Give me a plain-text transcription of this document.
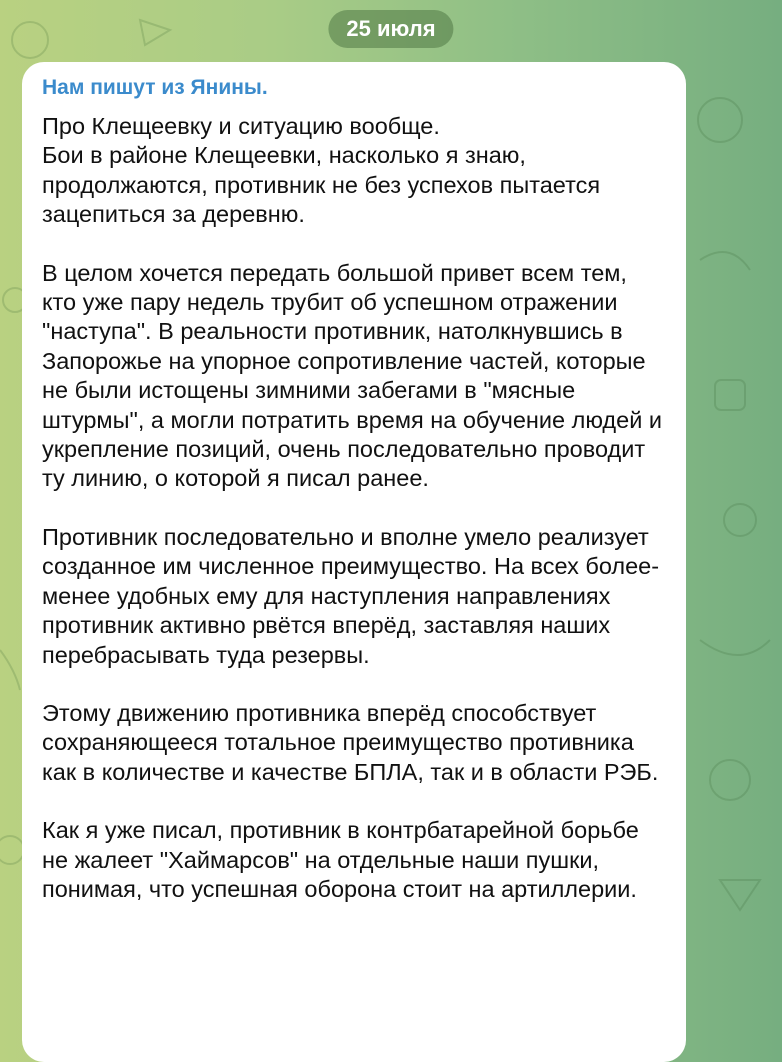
25 июля
Нам пишут из Янины.

Про Клещеевку и ситуацию вообще.
Бои в районе Клещеевки, насколько я знаю, продолжаются, противник не без успехов пытается зацепиться за деревню.

В целом хочется передать большой привет всем тем, кто уже пару недель трубит об успешном отражении "наступа". В реальности противник, натолкнувшись в Запорожье на упорное сопротивление частей, которые не были истощены зимними забегами в "мясные штурмы", а могли потратить время на обучение людей и укрепление позиций, очень последовательно проводит ту линию, о которой я писал ранее.

Противник последовательно и вполне умело реализует созданное им численное преимущество. На всех более-менее удобных ему для наступления направлениях противник активно рвётся вперёд, заставляя наших перебрасывать туда резервы.

Этому движению противника вперёд способствует сохраняющееся тотальное преимущество противника как в количестве и качестве БПЛА, так и в области РЭБ.

Как я уже писал, противник в контрбатарейной борьбе не жалеет "Хаймарсов" на отдельные наши пушки, понимая, что успешная оборона стоит на артиллерии.
